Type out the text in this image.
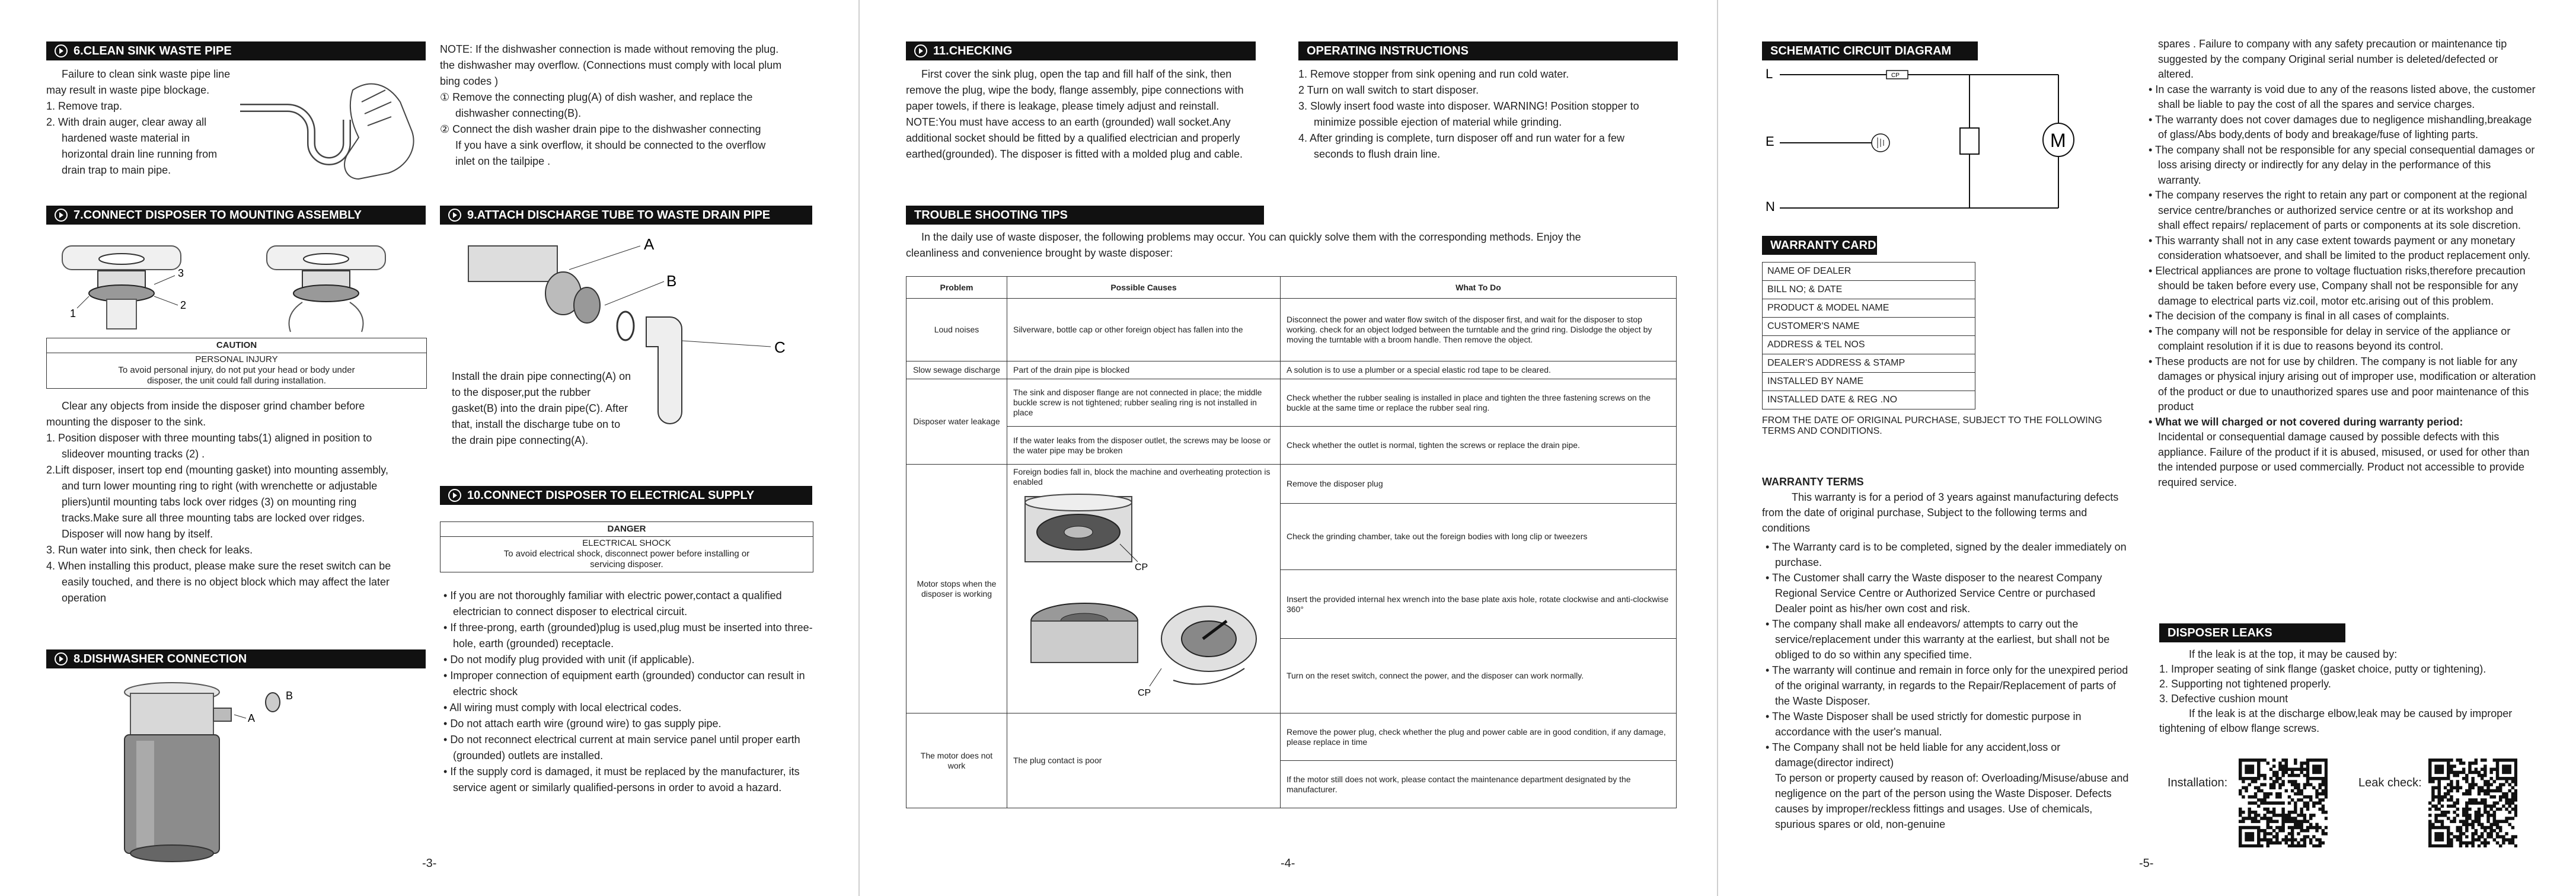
6.CLEAN SINK WASTE PIPE

Failure to clean sink waste pipe line

may result in waste pipe blockage.

1. Remove trap.

2. With drain auger, clear away all

hardened waste material in

horizontal drain line running from

drain trap to main pipe.

7.CONNECT DISPOSER TO MOUNTING ASSEMBLY
3
2
1
CAUTION
PERSONAL INJURY
To avoid personal injury, do not put your head or body under disposer, the unit could fall during installation.

Clear any objects from inside the disposer grind chamber before

mounting the disposer to the sink.

1. Position disposer with three mounting tabs(1) aligned in position to

slideover mounting tracks (2) .

2.Lift disposer, insert top end (mounting gasket) into mounting assembly,

and turn lower mounting ring to right (with wrenchette or adjustable

pliers)until mounting tabs lock over ridges (3) on mounting ring

tracks.Make sure all three mounting tabs are locked over ridges.

Disposer will now hang by itself.

3. Run water into sink, then check for leaks.

4. When installing this product, please make sure the reset switch can be

easily touched, and there is no object block which may affect the later

operation

8.DISHWASHER CONNECTION
A
B

NOTE: If the dishwasher connection is made without removing the plug.

the dishwasher may overflow. (Connections must comply with local plum

bing codes )

① Remove the connecting plug(A) of dish washer, and replace the

dishwasher connecting(B).

② Connect the dish washer drain pipe to the dishwasher connecting

If you have a sink overflow, it should be connected to the overflow

inlet on the tailpipe .

9.ATTACH DISCHARGE TUBE TO WASTE DRAIN PIPE
A
B
C

Install the drain pipe connecting(A) on

to the disposer,put the rubber

gasket(B) into the drain pipe(C). After

that, install the discharge tube on to

the drain pipe connecting(A).

10.CONNECT DISPOSER TO ELECTRICAL SUPPLY
DANGER
ELECTRICAL SHOCK
To avoid electrical shock, disconnect power before installing or servicing disposer.

• If you are not thoroughly familiar with electric power,contact a qualified electrician to connect disposer to electrical circuit.

• If three-prong, earth (grounded)plug is used,plug must be inserted into three-hole, earth (grounded) receptacle.

• Do not modify plug provided with unit (if applicable).

• Improper connection of equipment earth (grounded) conductor can result in electric shock

• All wiring must comply with local electrical codes.

• Do not attach earth wire (ground wire) to gas supply pipe.

• Do not reconnect electrical current at main service panel until proper earth (grounded) outlets are installed.

• If the supply cord is damaged, it must be replaced by the manufacturer, its service agent or similarly qualified-persons in order to avoid a hazard.

-3-
11.CHECKING

First cover the sink plug, open the tap and fill half of the sink, then

remove the plug, wipe the body, flange assembly, pipe connections with

paper towels, if there is leakage, please timely adjust and reinstall.

NOTE:You must have access to an earth (grounded) wall socket.Any

additional socket should be fitted by a qualified electrician and properly

earthed(grounded). The disposer is fitted with a molded plug and cable.

OPERATING INSTRUCTIONS

1. Remove stopper from sink opening and run cold water.

2 Turn on wall switch to start disposer.

3. Slowly insert food waste into disposer. WARNING! Position stopper to

minimize possible ejection of material while grinding.

4. After grinding is complete, turn disposer off and run water for a few

seconds to flush drain line.

TROUBLE SHOOTING TIPS

In the daily use of waste disposer, the following problems may occur. You can quickly solve them with the corresponding methods. Enjoy the

cleanliness and convenience brought by waste disposer:

Problem	Possible Causes	What To Do
Loud noises	Silverware, bottle cap or other foreign object has fallen into the	Disconnect the power and water flow switch of the disposer first, and wait for the disposer to stop working. check for an object lodged between the turntable and the grind ring. Dislodge the object by moving the turntable with a broom handle. Then remove the object.
Slow sewage discharge	Part of the drain pipe is blocked	A solution is to use a plumber or a special elastic rod tape to be cleared.
Disposer water leakage	The sink and disposer flange are not connected in place; the middle buckle screw is not tightened; rubber sealing ring is not installed in place	Check whether the rubber sealing is installed in place and tighten the three fastening screws on the buckle at the same time or replace the rubber seal ring.
	If the water leaks from the disposer outlet, the screws may be loose or the water pipe may be broken	Check whether the outlet is normal, tighten the screws or replace the drain pipe.
Motor stops when the disposer is working	Foreign bodies fall in, block the machine and overheating protection is enabled
CP
CP	Remove the disposer plug
		Check the grinding chamber, take out the foreign bodies with long clip or tweezers
		Insert the provided internal hex wrench into the base plate axis hole, rotate clockwise and anti-clockwise 360°
		Turn on the reset switch, connect the power, and the disposer can work normally.
The motor does not work	The plug contact is poor	Remove the power plug, check whether the plug and power cable are in good condition, if any damage, please replace in time
		If the motor still does not work, please contact the maintenance department designated by the manufacturer.
-4-
SCHEMATIC CIRCUIT DIAGRAM
L
E
N
CP
M
WARRANTY CARD
NAME OF DEALER
BILL NO; & DATE
PRODUCT & MODEL NAME
CUSTOMER'S NAME
ADDRESS & TEL NOS
DEALER'S ADDRESS & STAMP
INSTALLED BY NAME
INSTALLED DATE & REG .NO
FROM THE DATE OF ORIGINAL PURCHASE, SUBJECT TO THE FOLLOWING
TERMS AND CONDITIONS.

WARRANTY TERMS

This warranty is for a period of 3 years against manufacturing defects from the date of original purchase, Subject to the following terms and conditions

• The Warranty card is to be completed, signed by the dealer immediately on purchase.

• The Customer shall carry the Waste disposer to the nearest Company Regional Service Centre or Authorized Service Centre or purchased Dealer point as his/her own cost and risk.

• The company shall make all endeavors/ attempts to carry out the service/replacement under this warranty at the earliest, but shall not be obliged to do so within any specified time.

• The warranty will continue and remain in force only for the unexpired period of the original warranty, in regards to the Repair/Replacement of parts of the Waste Disposer.

• The Waste Disposer shall be used strictly for domestic purpose in accordance with the user's manual.

• The Company shall not be held liable for any accident,loss or damage(director indirect)

To person or property caused by reason of: Overloading/Misuse/abuse and negligence on the part of the person using the Waste Disposer. Defects causes by improper/reckless fittings and usages. Use of chemicals, spurious spares or old, non-genuine

spares . Failure to company with any safety precaution or maintenance tip suggested by the company Original serial number is deleted/defected or altered.

• In case the warranty is void due to any of the reasons listed above, the customer shall be liable to pay the cost of all the spares and service charges.

• The warranty does not cover damages due to negligence mishandling,breakage of glass/Abs body,dents of body and breakage/fuse of lighting parts.

• The company shall not be responsible for any special consequential damages or loss arising directy or indirectly for any delay in the performance of this warranty.

• The company reserves the right to retain any part or component at the regional service centre/branches or authorized service centre or at its workshop and shall effect repairs/ replacement of parts or components at its sole discretion.

• This warranty shall not in any case extent towards payment or any monetary consideration whatsoever, and shall be limited to the product replacement only.

• Electrical appliances are prone to voltage fluctuation risks,therefore precaution should be taken before every use, Company shall not be responsible for any damage to electrical parts viz.coil, motor etc.arising out of this problem.

• The decision of the company is final in all cases of complaints.

• The company will not be responsible for delay in service of the appliance or complaint resolution if it is due to reasons beyond its control.

• These products are not for use by children. The company is not liable for any damages or physical injury arising out of improper use, modification or alteration of the product or due to unauthorized spares use and poor maintenance of this product

• What we will charged or not covered during warranty period:

Incidental or consequential damage caused by possible defects with this appliance. Failure of the product if it is abused, misused, or used for other than the intended purpose or used commercially. Product not accessible to provide required service.

DISPOSER LEAKS

If the leak is at the top, it may be caused by:

1. Improper seating of sink flange (gasket choice, putty or tightening).

2. Supporting not tightened properly.

3. Defective cushion mount

If the leak is at the discharge elbow,leak may be caused by improper

tightening of elbow flange screws.

Installation:	Leak check:
-5-
